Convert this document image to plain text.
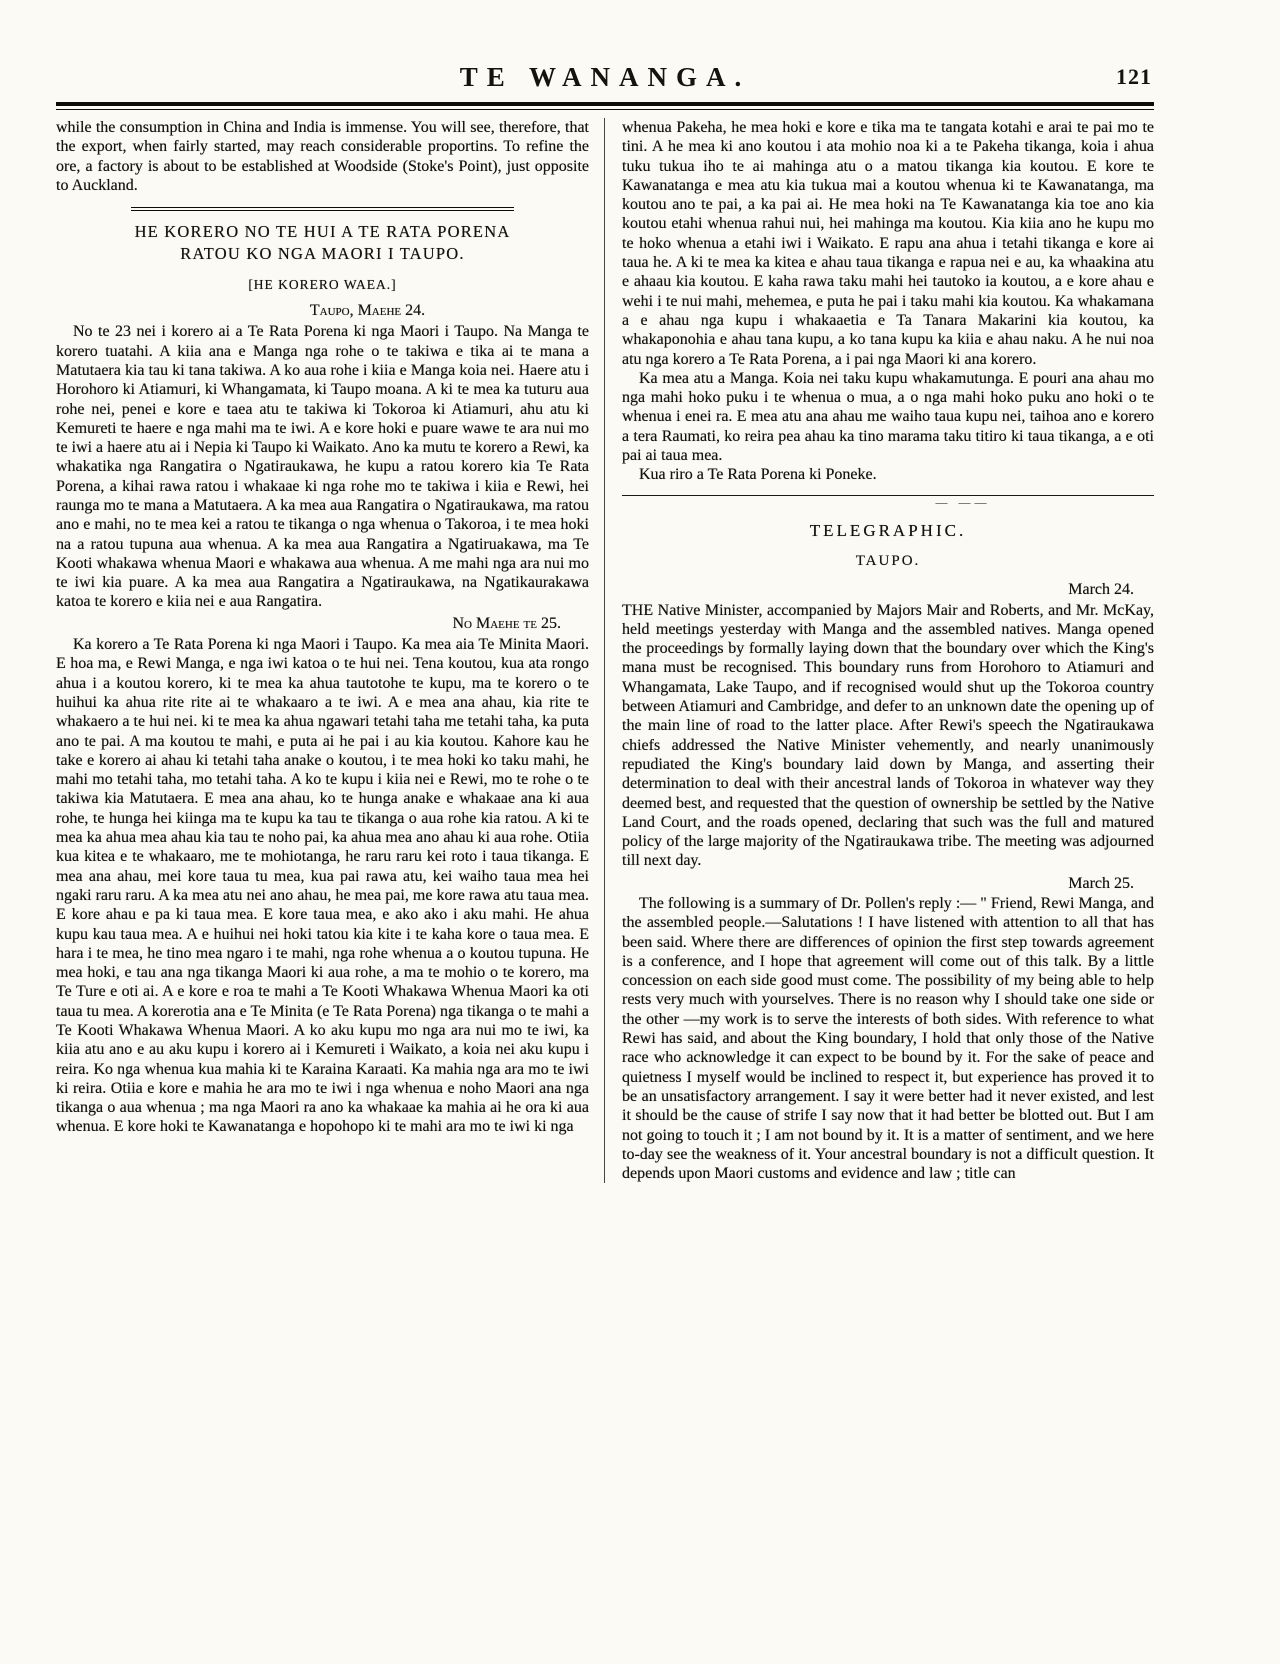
TE WANANGA.	121

while the consumption in China and India is immense. You will see, therefore, that the export, when fairly started, may reach considerable proportins. To refine the ore, a factory is about to be established at Woodside (Stoke's Point), just opposite to Auckland.

HE KORERO NO TE HUI A TE RATA PORENA
RATOU KO NGA MAORI I TAUPO.
[HE KORERO WAEA.]
Taupo, Maehe 24.

No te 23 nei i korero ai a Te Rata Porena ki nga Maori i Taupo. Na Manga te korero tuatahi. A kiia ana e Manga nga rohe o te takiwa e tika ai te mana a Matutaera kia tau ki tana takiwa. A ko aua rohe i kiia e Manga koia nei. Haere atu i Horohoro ki Atiamuri, ki Whangamata, ki Taupo moana. A ki te mea ka tuturu aua rohe nei, penei e kore e taea atu te takiwa ki Tokoroa ki Atiamuri, ahu atu ki Kemureti te haere e nga mahi ma te iwi. A e kore hoki e puare wawe te ara nui mo te iwi a haere atu ai i Nepia ki Taupo ki Waikato. Ano ka mutu te korero a Rewi, ka whakatika nga Rangatira o Ngatiraukawa, he kupu a ratou korero kia Te Rata Porena, a kihai rawa ratou i whakaae ki nga rohe mo te takiwa i kiia e Rewi, hei raunga mo te mana a Matutaera. A ka mea aua Rangatira o Ngatiraukawa, ma ratou ano e mahi, no te mea kei a ratou te tikanga o nga whenua o Takoroa, i te mea hoki na a ratou tupuna aua whenua. A ka mea aua Rangatira a Ngatiruakawa, ma Te Kooti whakawa whenua Maori e whakawa aua whenua. A me mahi nga ara nui mo te iwi kia puare. A ka mea aua Rangatira a Ngatiraukawa, na Ngatikaurakawa katoa te korero e kiia nei e aua Rangatira.

No Maehe te 25.

Ka korero a Te Rata Porena ki nga Maori i Taupo. Ka mea aia Te Minita Maori. E hoa ma, e Rewi Manga, e nga iwi katoa o te hui nei. Tena koutou, kua ata rongo ahua i a koutou korero, ki te mea ka ahua tautotohe te kupu, ma te korero o te huihui ka ahua rite rite ai te whakaaro a te iwi. A e mea ana ahau, kia rite te whakaero a te hui nei. ki te mea ka ahua ngawari tetahi taha me tetahi taha, ka puta ano te pai. A ma koutou te mahi, e puta ai he pai i au kia koutou. Kahore kau he take e korero ai ahau ki tetahi taha anake o koutou, i te mea hoki ko taku mahi, he mahi mo tetahi taha, mo tetahi taha. A ko te kupu i kiia nei e Rewi, mo te rohe o te takiwa kia Matutaera. E mea ana ahau, ko te hunga anake e whakaae ana ki aua rohe, te hunga hei kiinga ma te kupu ka tau te tikanga o aua rohe kia ratou. A ki te mea ka ahua mea ahau kia tau te noho pai, ka ahua mea ano ahau ki aua rohe. Otiia kua kitea e te whakaaro, me te mohiotanga, he raru raru kei roto i taua tikanga. E mea ana ahau, mei kore taua tu mea, kua pai rawa atu, kei waiho taua mea hei ngaki raru raru. A ka mea atu nei ano ahau, he mea pai, me kore rawa atu taua mea. E kore ahau e pa ki taua mea. E kore taua mea, e ako ako i aku mahi. He ahua kupu kau taua mea. A e huihui nei hoki tatou kia kite i te kaha kore o taua mea. E hara i te mea, he tino mea ngaro i te mahi, nga rohe whenua a o koutou tupuna. He mea hoki, e tau ana nga tikanga Maori ki aua rohe, a ma te mohio o te korero, ma Te Ture e oti ai. A e kore e roa te mahi a Te Kooti Whakawa Whenua Maori ka oti taua tu mea. A korerotia ana e Te Minita (e Te Rata Porena) nga tikanga o te mahi a Te Kooti Whakawa Whenua Maori. A ko aku kupu mo nga ara nui mo te iwi, ka kiia atu ano e au aku kupu i korero ai i Kemureti i Waikato, a koia nei aku kupu i reira. Ko nga whenua kua mahia ki te Karaina Karaati. Ka mahia nga ara mo te iwi ki reira. Otiia e kore e mahia he ara mo te iwi i nga whenua e noho Maori ana nga tikanga o aua whenua ; ma nga Maori ra ano ka whakaae ka mahia ai he ora ki aua whenua. E kore hoki te Kawanatanga e hopohopo ki te mahi ara mo te iwi ki nga

whenua Pakeha, he mea hoki e kore e tika ma te tangata kotahi e arai te pai mo te tini. A he mea ki ano koutou i ata mohio noa ki a te Pakeha tikanga, koia i ahua tuku tukua iho te ai mahinga atu o a matou tikanga kia koutou. E kore te Kawanatanga e mea atu kia tukua mai a koutou whenua ki te Kawanatanga, ma koutou ano te pai, a ka pai ai. He mea hoki na Te Kawanatanga kia toe ano kia koutou etahi whenua rahui nui, hei mahinga ma koutou. Kia kiia ano he kupu mo te hoko whenua a etahi iwi i Waikato. E rapu ana ahua i tetahi tikanga e kore ai taua he. A ki te mea ka kitea e ahau taua tikanga e rapua nei e au, ka whaakina atu e ahaau kia koutou. E kaha rawa taku mahi hei tautoko ia koutou, a e kore ahau e wehi i te nui mahi, mehemea, e puta he pai i taku mahi kia koutou. Ka whakamana a e ahau nga kupu i whakaaetia e Ta Tanara Makarini kia koutou, ka whakaponohia e ahau tana kupu, a ko tana kupu ka kiia e ahau naku. A he nui noa atu nga korero a Te Rata Porena, a i pai nga Maori ki ana korero.

Ka mea atu a Manga. Koia nei taku kupu whakamutunga. E pouri ana ahau mo nga mahi hoko puku i te whenua o mua, a o nga mahi hoko puku ano hoki o te whenua i enei ra. E mea atu ana ahau me waiho taua kupu nei, taihoa ano e korero a tera Raumati, ko reira pea ahau ka tino marama taku titiro ki taua tikanga, a e oti pai ai taua mea.

Kua riro a Te Rata Porena ki Poneke.

— ——
TELEGRAPHIC.
TAUPO.
March 24.

THE Native Minister, accompanied by Majors Mair and Roberts, and Mr. McKay, held meetings yesterday with Manga and the assembled natives. Manga opened the proceedings by formally laying down that the boundary over which the King's mana must be recognised. This boundary runs from Horohoro to Atiamuri and Whangamata, Lake Taupo, and if recognised would shut up the Tokoroa country between Atiamuri and Cambridge, and defer to an unknown date the opening up of the main line of road to the latter place. After Rewi's speech the Ngatiraukawa chiefs addressed the Native Minister vehemently, and nearly unanimously repudiated the King's boundary laid down by Manga, and asserting their determination to deal with their ancestral lands of Tokoroa in whatever way they deemed best, and requested that the question of ownership be settled by the Native Land Court, and the roads opened, declaring that such was the full and matured policy of the large majority of the Ngatiraukawa tribe. The meeting was adjourned till next day.

March 25.

The following is a summary of Dr. Pollen's reply :— " Friend, Rewi Manga, and the assembled people.—Salutations ! I have listened with attention to all that has been said. Where there are differences of opinion the first step towards agreement is a conference, and I hope that agreement will come out of this talk. By a little concession on each side good must come. The possibility of my being able to help rests very much with yourselves. There is no reason why I should take one side or the other —my work is to serve the interests of both sides. With reference to what Rewi has said, and about the King boundary, I hold that only those of the Native race who acknowledge it can expect to be bound by it. For the sake of peace and quietness I myself would be inclined to respect it, but experience has proved it to be an unsatisfactory arrangement. I say it were better had it never existed, and lest it should be the cause of strife I say now that it had better be blotted out. But I am not going to touch it ; I am not bound by it. It is a matter of sentiment, and we here to-day see the weakness of it. Your ancestral boundary is not a difficult question. It depends upon Maori customs and evidence and law ; title can
